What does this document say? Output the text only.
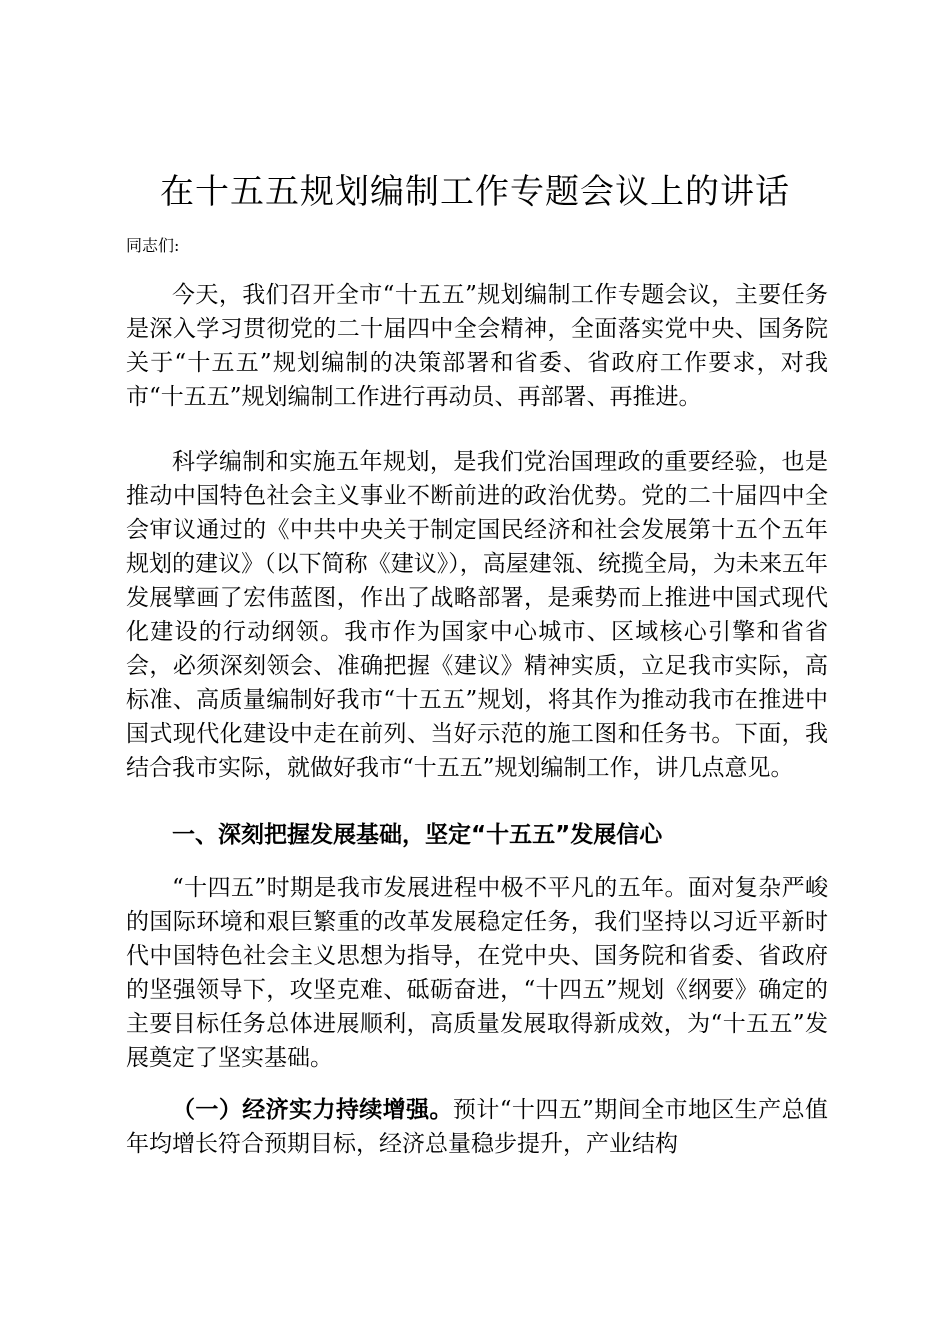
在十五五规划编制工作专题会议上的讲话
同志们:

今天，我们召开全市“十五五”规划编制工作专题会议，主要任务是深入学习贯彻党的二十届四中全会精神，全面落实党中央、国务院关于“十五五”规划编制的决策部署和省委、省政府工作要求，对我市“十五五”规划编制工作进行再动员、再部署、再推进。

科学编制和实施五年规划，是我们党治国理政的重要经验，也是推动中国特色社会主义事业不断前进的政治优势。党的二十届四中全会审议通过的《中共中央关于制定国民经济和社会发展第十五个五年规划的建议》（以下简称《建议》），高屋建瓴、统揽全局，为未来五年发展擘画了宏伟蓝图，作出了战略部署，是乘势而上推进中国式现代化建设的行动纲领。我市作为国家中心城市、区域核心引擎和省省会，必须深刻领会、准确把握《建议》精神实质，立足我市实际，高标准、高质量编制好我市“十五五”规划，将其作为推动我市在推进中国式现代化建设中走在前列、当好示范的施工图和任务书。下面，我结合我市实际，就做好我市“十五五”规划编制工作，讲几点意见。

一、深刻把握发展基础，坚定“十五五”发展信心

“十四五”时期是我市发展进程中极不平凡的五年。面对复杂严峻的国际环境和艰巨繁重的改革发展稳定任务，我们坚持以习近平新时代中国特色社会主义思想为指导，在党中央、国务院和省委、省政府的坚强领导下，攻坚克难、砥砺奋进，“十四五”规划《纲要》确定的主要目标任务总体进展顺利，高质量发展取得新成效，为“十五五”发展奠定了坚实基础。

（一）经济实力持续增强。预计“十四五”期间全市地区生产总值年均增长符合预期目标，经济总量稳步提升，产业结构
